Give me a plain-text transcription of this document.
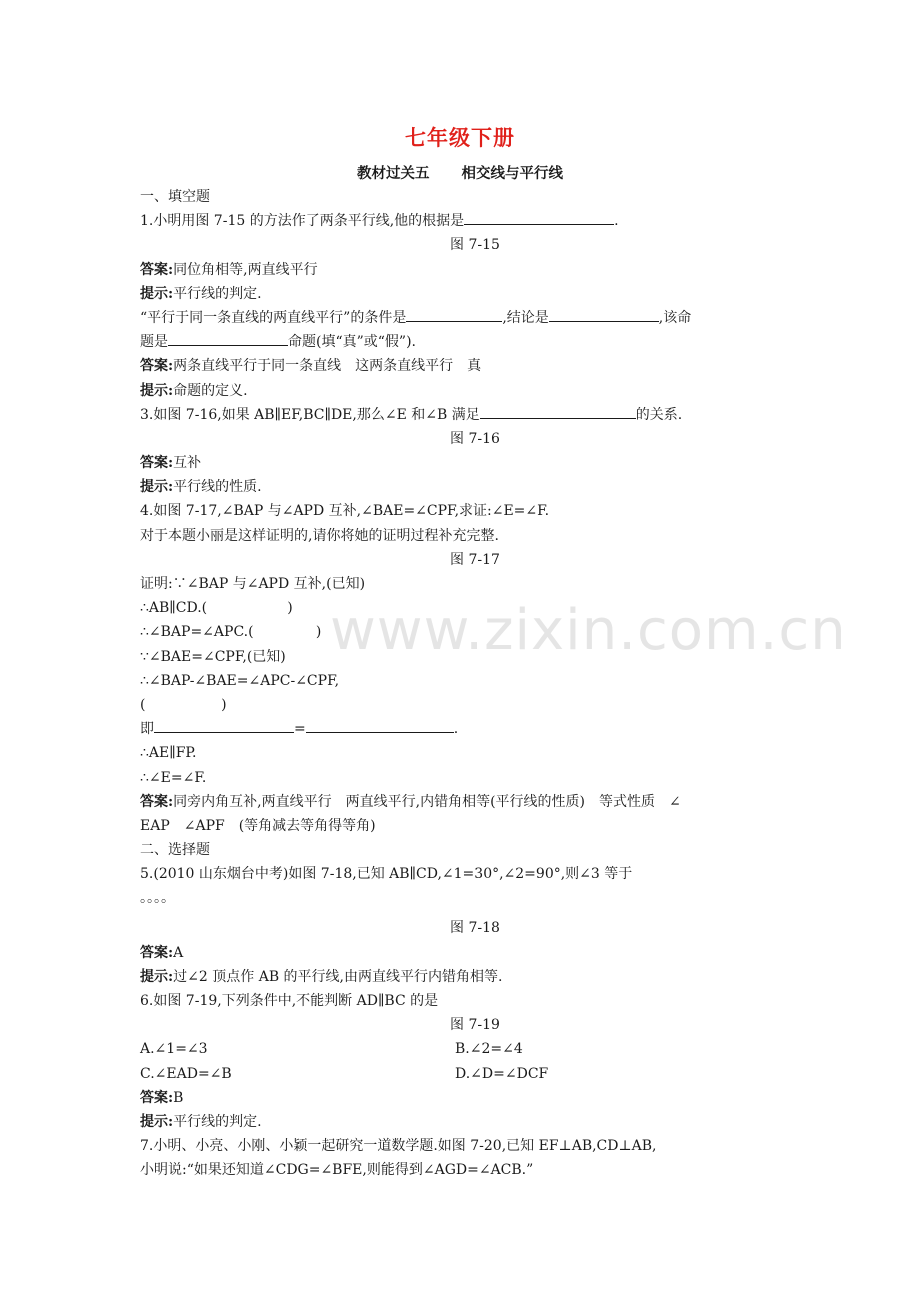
七年级下册
教材过关五 相交线与平行线
www.zixin.com.cn
一、填空题
1.小明用图 7-15 的方法作了两条平行线,他的根据是	.
图 7-15
答案:同位角相等,两直线平行
提示:平行线的判定.
“平行于同一条直线的两直线平行”的条件是	,结论是	,该命
题是	命题(填“真”或“假”).
答案:两条直线平行于同一条直线　这两条直线平行　真
提示:命题的定义.
3.如图 7-16,如果 AB∥EF,BC∥DE,那么∠E 和∠B 满足	的关系.
图 7-16
答案:互补
提示:平行线的性质.
4.如图 7-17,∠BAP 与∠APD 互补,∠BAE=∠CPF,求证:∠E=∠F.
对于本题小丽是这样证明的,请你将她的证明过程补充完整.
图 7-17
证明:∵∠BAP 与∠APD 互补,(已知)
∴AB∥CD.(                  )
∴∠BAP=∠APC.(              )
∵∠BAE=∠CPF,(已知)
∴∠BAP-∠BAE=∠APC-∠CPF,
(                 )
即	=	.
∴AE∥FP.
∴∠E=∠F.
答案:同旁内角互补,两直线平行　两直线平行,内错角相等(平行线的性质)　等式性质　∠
EAP　∠APF　(等角减去等角得等角)
二、选择题
5.(2010 山东烟台中考)如图 7-18,已知 AB∥CD,∠1=30°,∠2=90°,则∠3 等于
。。。。
图 7-18
答案:A
提示:过∠2 顶点作 AB 的平行线,由两直线平行内错角相等.
6.如图 7-19,下列条件中,不能判断 AD∥BC 的是
图 7-19
A.∠1=∠3	B.∠2=∠4
C.∠EAD=∠B	D.∠D=∠DCF
答案:B
提示:平行线的判定.
7.小明、小亮、小刚、小颖一起研究一道数学题.如图 7-20,已知 EF⊥AB,CD⊥AB,
小明说:“如果还知道∠CDG=∠BFE,则能得到∠AGD=∠ACB.”
